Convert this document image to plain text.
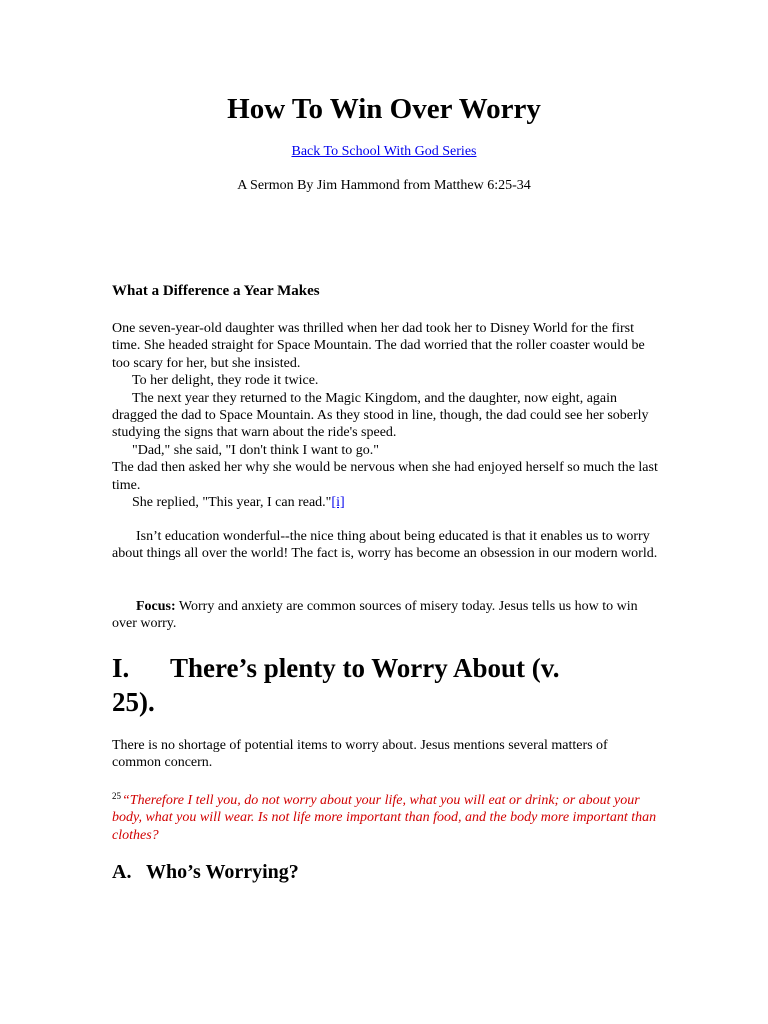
How To Win Over Worry
Back To School With God Series
A Sermon By Jim Hammond from Matthew 6:25-34

What a Difference a Year Makes

One seven-year-old daughter was thrilled when her dad took her to Disney World for the first time. She headed straight for Space Mountain. The dad worried that the roller coaster would be too scary for her, but she insisted.

To her delight, they rode it twice.

The next year they returned to the Magic Kingdom, and the daughter, now eight, again dragged the dad to Space Mountain. As they stood in line, though, the dad could see her soberly studying the signs that warn about the ride's speed.

"Dad," she said, "I don't think I want to go."

The dad then asked her why she would be nervous when she had enjoyed herself so much the last time.

She replied, "This year, I can read."[i]

Isn’t education wonderful--the nice thing about being educated is that it enables us to worry about things all over the world! The fact is, worry has become an obsession in our modern world.

Focus: Worry and anxiety are common sources of misery today. Jesus tells us how to win over worry.

I. There’s plenty to Worry About (v.
25).

There is no shortage of potential items to worry about. Jesus mentions several matters of common concern.

$^{25}$“Therefore I tell you, do not worry about your life, what you will eat or drink; or about your body, what you will wear. Is not life more important than food, and the body more important than clothes?

A. Who’s Worrying?
